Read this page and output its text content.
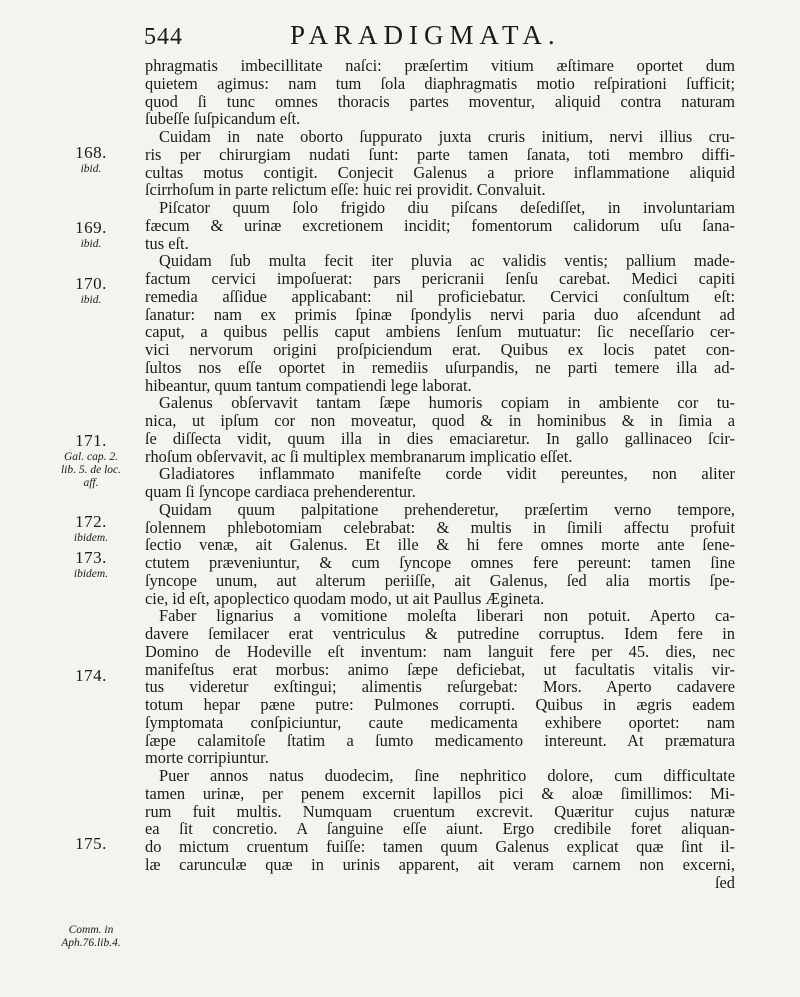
544	PARADIGMATA.
168.
ibid.
169.
ibid.
170.
ibid.
171.
Gal. cap. 2.
lib. 5. de loc.
aff.
172.
ibidem.
173.
ibidem.
174.
175.
Comm. in
Aph.76.lib.4.
phragmatis imbecillitate naſci: præſertim vitium æſtimare oportet dum
quietem agimus: nam tum ſola diaphragmatis motio reſpirationi ſufficit;
quod ſi tunc omnes thoracis partes moventur, aliquid contra naturam
ſubeſſe ſuſpicandum eſt.
Cuidam in nate oborto ſuppurato juxta cruris initium, nervi illius cru-
ris per chirurgiam nudati ſunt: parte tamen ſanata, toti membro diffi-
cultas motus contigit. Conjecit Galenus a priore inflammatione aliquid
ſcirrhoſum in parte relictum eſſe: huic rei providit. Convaluit.
Piſcator quum ſolo frigido diu piſcans deſediſſet, in involuntariam
fæcum & urinæ excretionem incidit; fomentorum calidorum uſu ſana-
tus eſt.
Quidam ſub multa fecit iter pluvia ac validis ventis; pallium made-
factum cervici impoſuerat: pars pericranii ſenſu carebat. Medici capiti
remedia aſſidue applicabant: nil proficiebatur. Cervici conſultum eſt:
ſanatur: nam ex primis ſpinæ ſpondylis nervi paria duo aſcendunt ad
caput, a quibus pellis caput ambiens ſenſum mutuatur: ſic neceſſario cer-
vici nervorum origini proſpiciendum erat. Quibus ex locis patet con-
ſultos nos eſſe oportet in remediis uſurpandis, ne parti temere illa ad-
hibeantur, quum tantum compatiendi lege laborat.
Galenus obſervavit tantam ſæpe humoris copiam in ambiente cor tu-
nica, ut ipſum cor non moveatur, quod & in hominibus & in ſimia a
ſe diſſecta vidit, quum illa in dies emaciaretur. In gallo gallinaceo ſcir-
rhoſum obſervavit, ac ſi multiplex membranarum implicatio eſſet.
Gladiatores inflammato manifeſte corde vidit pereuntes, non aliter
quam ſi ſyncope cardiaca prehenderentur.
Quidam quum palpitatione prehenderetur, præſertim verno tempore,
ſolennem phlebotomiam celebrabat: & multis in ſimili affectu profuit
ſectio venæ, ait Galenus. Et ille & hi fere omnes morte ante ſene-
ctutem præveniuntur, & cum ſyncope omnes fere pereunt: tamen ſine
ſyncope unum, aut alterum periiſſe, ait Galenus, ſed alia mortis ſpe-
cie, id eſt, apoplectico quodam modo, ut ait Paullus Æginetа.
Faber lignarius a vomitione moleſta liberari non potuit. Aperto ca-
davere ſemilacer erat ventriculus & putredine corruptus. Idem fere in
Domino de Hodeville eſt inventum: nam languit fere per 45. dies, nec
manifeſtus erat morbus: animo ſæpe deficiebat, ut facultatis vitalis vir-
tus videretur exſtingui; alimentis reſurgebat: Mors. Aperto cadavere
totum hepar pæne putre: Pulmones corrupti. Quibus in ægris eadem
ſymptomata conſpiciuntur, caute medicamenta exhibere oportet: nam
ſæpe calamitoſe ſtatim a ſumto medicamento intereunt. At præmatura
morte corripiuntur.
Puer annos natus duodecim, ſine nephritico dolore, cum difficultate
tamen urinæ, per penem excernit lapillos pici & aloæ ſimillimos: Mi-
rum fuit multis. Numquam cruentum excrevit. Quæritur cujus naturæ
ea ſit concretio. A ſanguine eſſe aiunt. Ergo credibile foret aliquan-
do mictum cruentum fuiſſe: tamen quum Galenus explicat quæ ſint il-
læ carunculæ quæ in urinis apparent, ait veram carnem non excerni,
ſed
